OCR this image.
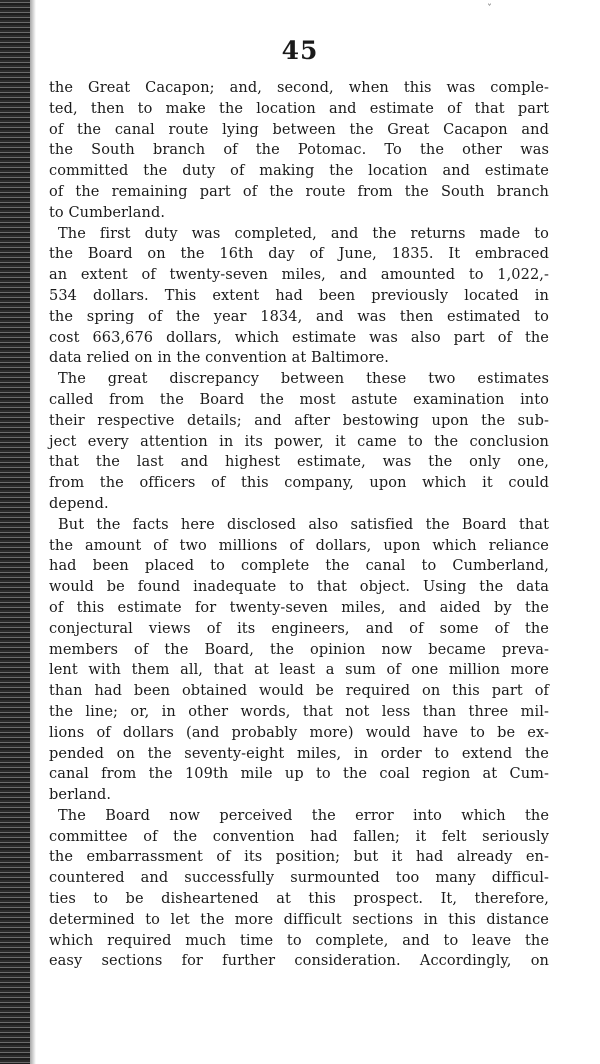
ˇ
45
the Great Cacapon; and, second, when this was comple-
ted, then to make the location and estimate of that part
of the canal route lying between the Great Cacapon and
the South branch of the Potomac. To the other was
committed the duty of making the location and estimate
of the remaining part of the route from the South branch
to Cumberland.
The first duty was completed, and the returns made to
the Board on the 16th day of June, 1835. It embraced
an extent of twenty-seven miles, and amounted to 1,022,-
534 dollars. This extent had been previously located in
the spring of the year 1834, and was then estimated to
cost 663,676 dollars, which estimate was also part of the
data relied on in the convention at Baltimore.
The great discrepancy between these two estimates
called from the Board the most astute examination into
their respective details; and after bestowing upon the sub-
ject every attention in its power, it came to the conclusion
that the last and highest estimate, was the only one,
from the officers of this company, upon which it could
depend.
But the facts here disclosed also satisfied the Board that
the amount of two millions of dollars, upon which reliance
had been placed to complete the canal to Cumberland,
would be found inadequate to that object. Using the data
of this estimate for twenty-seven miles, and aided by the
conjectural views of its engineers, and of some of the
members of the Board, the opinion now became preva-
lent with them all, that at least a sum of one million more
than had been obtained would be required on this part of
the line; or, in other words, that not less than three mil-
lions of dollars (and probably more) would have to be ex-
pended on the seventy-eight miles, in order to extend the
canal from the 109th mile up to the coal region at Cum-
berland.
The Board now perceived the error into which the
committee of the convention had fallen; it felt seriously
the embarrassment of its position; but it had already en-
countered and successfully surmounted too many difficul-
ties to be disheartened at this prospect. It, therefore,
determined to let the more difficult sections in this distance
which required much time to complete, and to leave the
easy sections for further consideration. Accordingly, on
